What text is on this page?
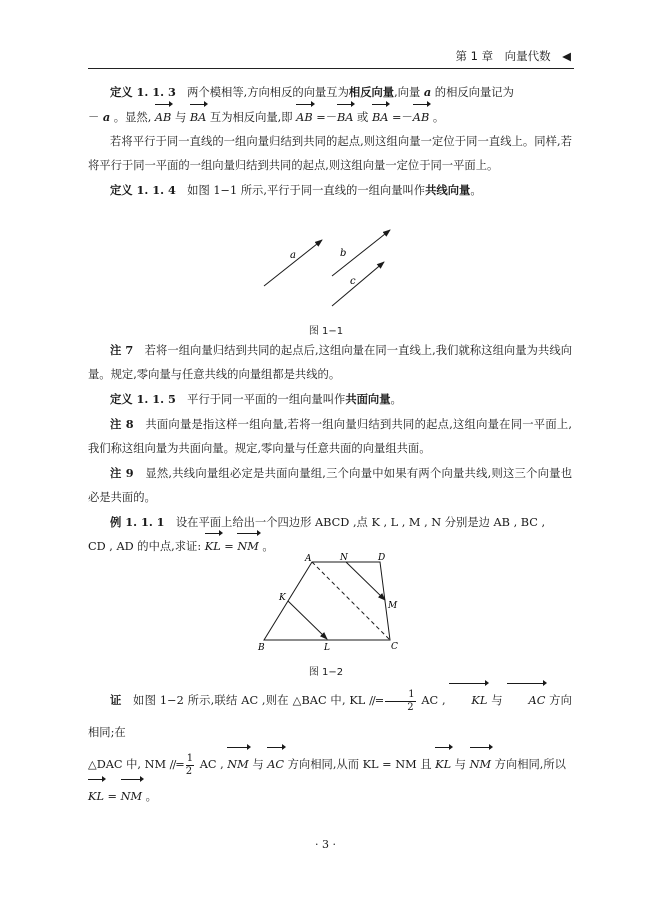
第 1 章　向量代数　◀

定义 1. 1. 3　两个模相等,方向相反的向量互为相反向量,向量 a 的相反向量记为

－ a 。显然, AB 与 BA 互为相反向量,即 AB =－BA 或 BA =－AB 。

若将平行于同一直线的一组向量归结到共同的起点,则这组向量一定位于同一直线上。同样,若将平行于同一平面的一组向量归结到共同的起点,则这组向量一定位于同一平面上。

定义 1. 1. 4　如图 1−1 所示,平行于同一直线的一组向量叫作共线向量。

a	b
c
图 1−1

注 7　若将一组向量归结到共同的起点后,这组向量在同一直线上,我们就称这组向量为共线向量。规定,零向量与任意共线的向量组都是共线的。

定义 1. 1. 5　平行于同一平面的一组向量叫作共面向量。

注 8　共面向量是指这样一组向量,若将一组向量归结到共同的起点,这组向量在同一平面上,我们称这组向量为共面向量。规定,零向量与任意共面的向量组共面。

注 9　显然,共线向量组必定是共面向量组,三个向量中如果有两个向量共线,则这三个向量也必是共面的。

例 1. 1. 1　设在平面上给出一个四边形 ABCD ,点 K , L , M , N 分别是边 AB , BC ,

CD , AD 的中点,求证: KL = NM 。

A	N	D
M
K
B	L	C
图 1−2

证　如图 1−2 所示,联结 AC ,则在 △BAC 中, KL //= $\frac{1}{2}$ AC , KL 与 AC 方向相同;在

△DAC 中, NM //= $\frac{1}{2}$ AC , NM 与 AC 方向相同,从而 KL = NM 且 KL 与 NM 方向相同,所以

KL = NM 。

· 3 ·
